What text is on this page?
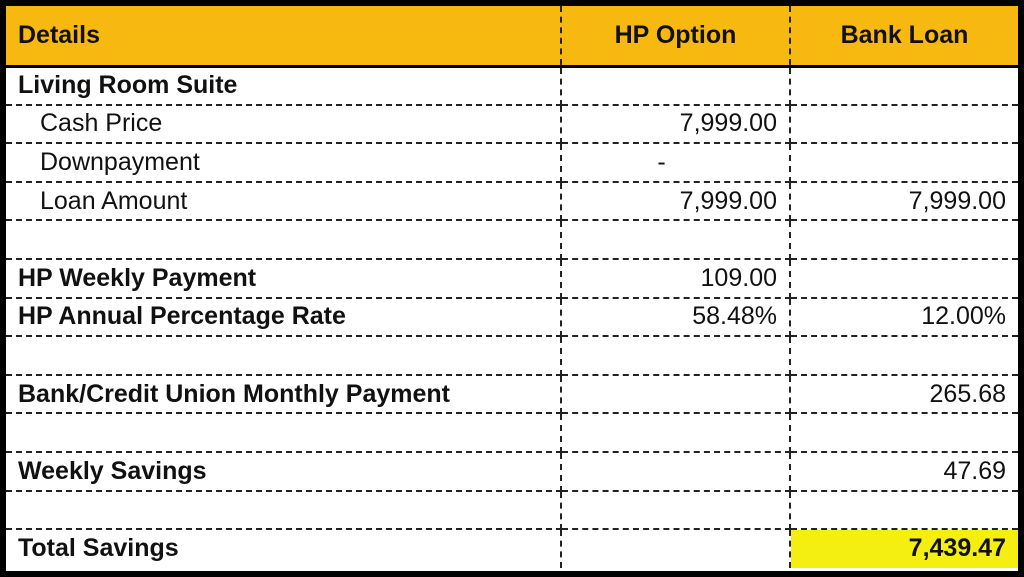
Details	HP Option	Bank Loan
Living Room Suite		
Cash Price	7,999.00	
Downpayment	-	
Loan Amount	7,999.00	7,999.00

HP Weekly Payment	109.00	
HP Annual Percentage Rate	58.48%	12.00%

Bank/Credit Union Monthly Payment		265.68

Weekly Savings		47.69

Total Savings		7,439.47
